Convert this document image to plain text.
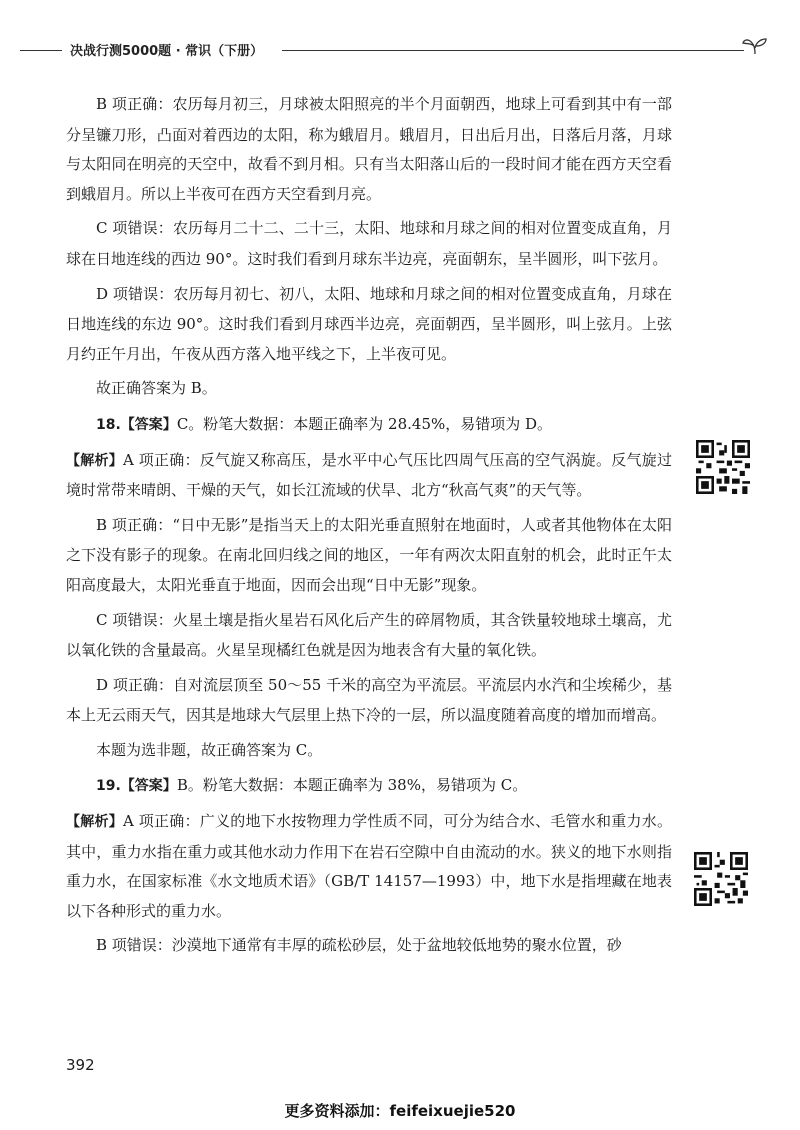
决战行测5000题 · 常识（下册）

B 项正确：农历每月初三，月球被太阳照亮的半个月面朝西，地球上可看到其中有一部分呈镰刀形，凸面对着西边的太阳，称为蛾眉月。蛾眉月，日出后月出，日落后月落，月球与太阳同在明亮的天空中，故看不到月相。只有当太阳落山后的一段时间才能在西方天空看到蛾眉月。所以上半夜可在西方天空看到月亮。

C 项错误：农历每月二十二、二十三，太阳、地球和月球之间的相对位置变成直角，月球在日地连线的西边 90°。这时我们看到月球东半边亮，亮面朝东，呈半圆形，叫下弦月。

D 项错误：农历每月初七、初八，太阳、地球和月球之间的相对位置变成直角，月球在日地连线的东边 90°。这时我们看到月球西半边亮，亮面朝西，呈半圆形，叫上弦月。上弦月约正午月出，午夜从西方落入地平线之下，上半夜可见。

故正确答案为 B。

18.【答案】C。粉笔大数据：本题正确率为 28.45%，易错项为 D。

【解析】A 项正确：反气旋又称高压，是水平中心气压比四周气压高的空气涡旋。反气旋过境时常带来晴朗、干燥的天气，如长江流域的伏旱、北方“秋高气爽”的天气等。

B 项正确：“日中无影”是指当天上的太阳光垂直照射在地面时，人或者其他物体在太阳之下没有影子的现象。在南北回归线之间的地区，一年有两次太阳直射的机会，此时正午太阳高度最大，太阳光垂直于地面，因而会出现“日中无影”现象。

C 项错误：火星土壤是指火星岩石风化后产生的碎屑物质，其含铁量较地球土壤高，尤以氧化铁的含量最高。火星呈现橘红色就是因为地表含有大量的氧化铁。

D 项正确：自对流层顶至 50～55 千米的高空为平流层。平流层内水汽和尘埃稀少，基本上无云雨天气，因其是地球大气层里上热下冷的一层，所以温度随着高度的增加而增高。

本题为选非题，故正确答案为 C。

19.【答案】B。粉笔大数据：本题正确率为 38%，易错项为 C。

【解析】A 项正确：广义的地下水按物理力学性质不同，可分为结合水、毛管水和重力水。其中，重力水指在重力或其他水动力作用下在岩石空隙中自由流动的水。狭义的地下水则指重力水，在国家标准《水文地质术语》（GB/T 14157—1993）中，地下水是指埋藏在地表以下各种形式的重力水。

B 项错误：沙漠地下通常有丰厚的疏松砂层，处于盆地较低地势的聚水位置，砂

392
更多资料添加：feifeixuejie520
